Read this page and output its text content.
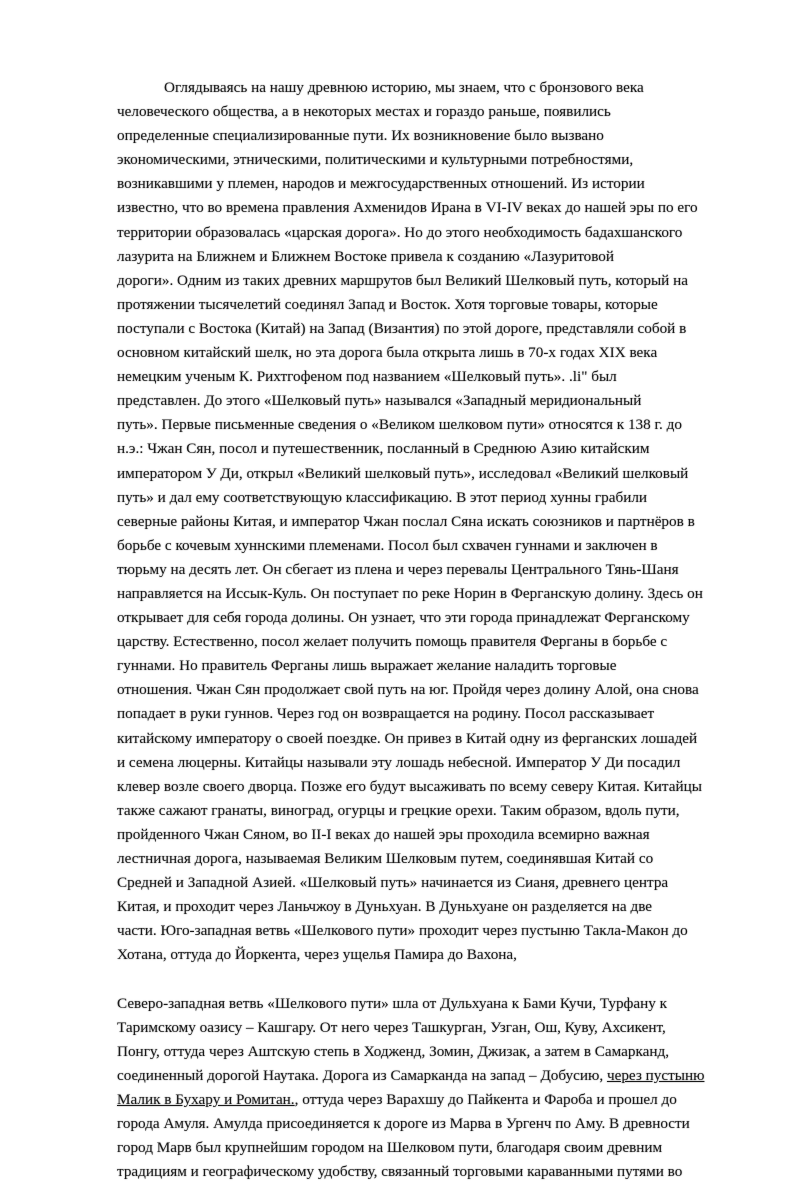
Оглядываясь на нашу древнюю историю, мы знаем, что с бронзового века
человеческого общества, а в некоторых местах и гораздо раньше, появились
определенные специализированные пути. Их возникновение было вызвано
экономическими, этническими, политическими и культурными потребностями,
возникавшими у племен, народов и межгосударственных отношений. Из истории
известно, что во времена правления Ахменидов Ирана в VI-IV веках до нашей эры по его
территории образовалась «царская дорога». Но до этого необходимость бадахшанского
лазурита на Ближнем и Ближнем Востоке привела к созданию «Лазуритовой
дороги». Одним из таких древних маршрутов был Великий Шелковый путь, который на
протяжении тысячелетий соединял Запад и Восток. Хотя торговые товары, которые
поступали с Востока (Китай) на Запад (Византия) по этой дороге, представляли собой в
основном китайский шелк, но эта дорога была открыта лишь в 70-х годах XIX века
немецким ученым К. Рихтгофеном под названием «Шелковый путь». .li" был
представлен. До этого «Шелковый путь» назывался «Западный меридиональный
путь». Первые письменные сведения о «Великом шелковом пути» относятся к 138 г. до
н.э.: Чжан Сян, посол и путешественник, посланный в Среднюю Азию китайским
императором У Ди, открыл «Великий шелковый путь», исследовал «Великий шелковый
путь» и дал ему соответствующую классификацию. В этот период хунны грабили
северные районы Китая, и император Чжан послал Сяна искать союзников и партнёров в
борьбе с кочевым хуннскими племенами. Посол был схвачен гуннами и заключен в
тюрьму на десять лет. Он сбегает из плена и через перевалы Центрального Тянь-Шаня
направляется на Иссык-Куль. Он поступает по реке Норин в Ферганскую долину. Здесь он
открывает для себя города долины. Он узнает, что эти города принадлежат Ферганскому
царству. Естественно, посол желает получить помощь правителя Ферганы в борьбе с
гуннами. Но правитель Ферганы лишь выражает желание наладить торговые
отношения. Чжан Сян продолжает свой путь на юг. Пройдя через долину Алой, она снова
попадает в руки гуннов. Через год он возвращается на родину. Посол рассказывает
китайскому императору о своей поездке. Он привез в Китай одну из ферганских лошадей
и семена люцерны. Китайцы называли эту лошадь небесной. Император У Ди посадил
клевер возле своего дворца. Позже его будут высаживать по всему северу Китая. Китайцы
также сажают гранаты, виноград, огурцы и грецкие орехи. Таким образом, вдоль пути,
пройденного Чжан Сяном, во II-I веках до нашей эры проходила всемирно важная
лестничная дорога, называемая Великим Шелковым путем, соединявшая Китай со
Средней и Западной Азией. «Шелковый путь» начинается из Сианя, древнего центра
Китая, и проходит через Ланьчжоу в Дуньхуан. В Дуньхуане он разделяется на две
части. Юго-западная ветвь «Шелкового пути» проходит через пустыню Такла-Макон до
Хотана, оттуда до Йоркента, через ущелья Памира до Вахона,
Северо-западная ветвь «Шелкового пути» шла от Дульхуана к Бами Кучи, Турфану к
Таримскому оазису – Кашгару. От него через Ташкурган, Узган, Ош, Куву, Ахсикент,
Понгу, оттуда через Аштскую степь в Ходженд, Зомин, Джизак, а затем в Самарканд,
соединенный дорогой Наутака. Дорога из Самарканда на запад – Добусию, через пустыню
Малик в Бухару и Ромитан., оттуда через Варахшу до Пайкента и Фароба и прошел до
города Амуля. Амулда присоединяется к дороге из Марва в Ургенч по Аму. В древности
город Марв был крупнейшим городом на Шелковом пути, благодаря своим древним
традициям и географическому удобству, связанный торговыми караванными путями во
